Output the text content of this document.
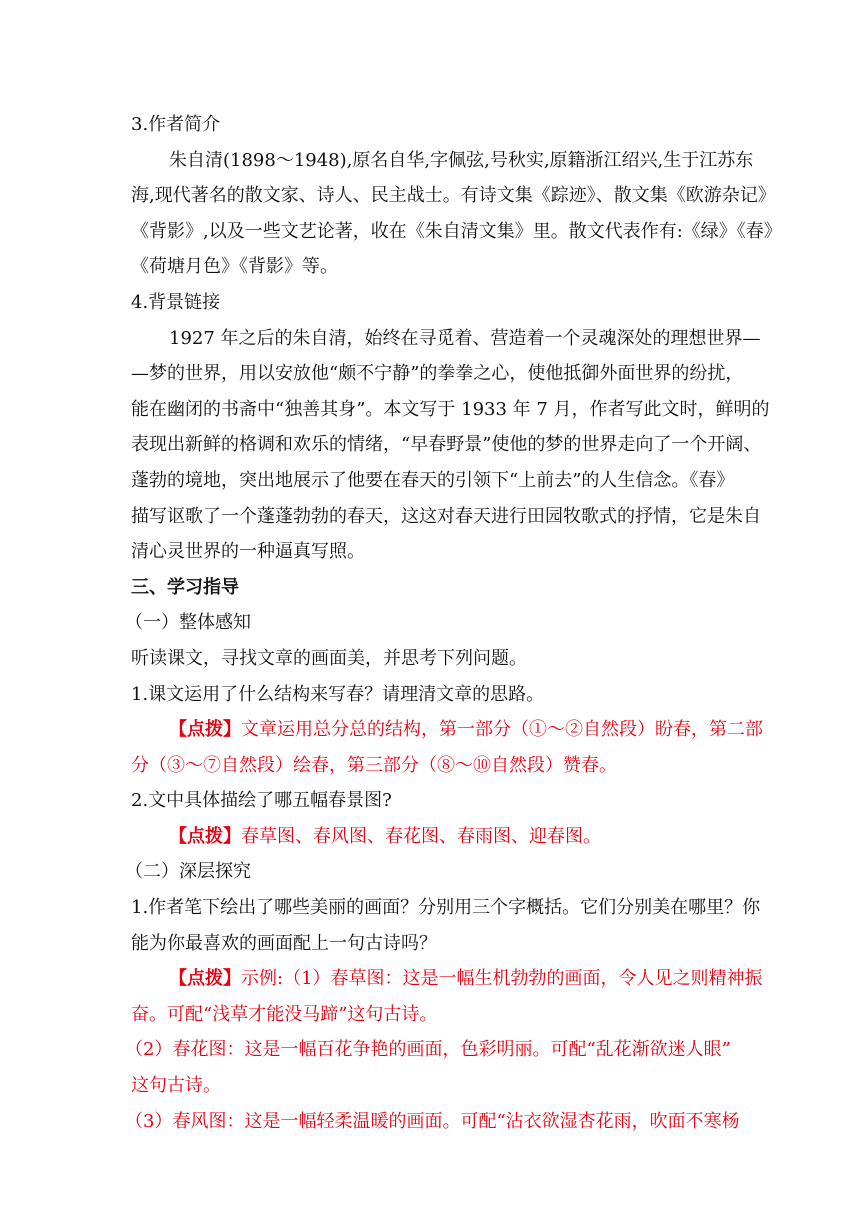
3.作者简介
朱自清(1898～1948),原名自华,字佩弦,号秋实,原籍浙江绍兴,生于江苏东
海,现代著名的散文家、诗人、民主战士。有诗文集《踪迹》、散文集《欧游杂记》
《背影》,以及一些文艺论著，收在《朱自清文集》里。散文代表作有:《绿》《春》
《荷塘月色》《背影》等。
4.背景链接
1927 年之后的朱自清，始终在寻觅着、营造着一个灵魂深处的理想世界—
—梦的世界，用以安放他“颇不宁静”的拳拳之心，使他抵御外面世界的纷扰，
能在幽闭的书斋中“独善其身”。本文写于 1933 年 7 月，作者写此文时，鲜明的
表现出新鲜的格调和欢乐的情绪，“早春野景”使他的梦的世界走向了一个开阔、
蓬勃的境地，突出地展示了他要在春天的引领下“上前去”的人生信念。《春》
描写讴歌了一个蓬蓬勃勃的春天，这这对春天进行田园牧歌式的抒情，它是朱自
清心灵世界的一种逼真写照。
三、学习指导
（一）整体感知
听读课文，寻找文章的画面美，并思考下列问题。
1.课文运用了什么结构来写春？请理清文章的思路。
【点拨】文章运用总分总的结构，第一部分（①～②自然段）盼春，第二部
分（③～⑦自然段）绘春，第三部分（⑧～⑩自然段）赞春。
2.文中具体描绘了哪五幅春景图?
【点拨】春草图、春风图、春花图、春雨图、迎春图。
（二）深层探究
1.作者笔下绘出了哪些美丽的画面？分别用三个字概括。它们分别美在哪里？你
能为你最喜欢的画面配上一句古诗吗？
【点拨】示例:（1）春草图：这是一幅生机勃勃的画面，令人见之则精神振
奋。可配“浅草才能没马蹄”这句古诗。
（2）春花图：这是一幅百花争艳的画面，色彩明丽。可配“乱花渐欲迷人眼”
这句古诗。
（3）春风图：这是一幅轻柔温暖的画面。可配“沾衣欲湿杏花雨，吹面不寒杨
